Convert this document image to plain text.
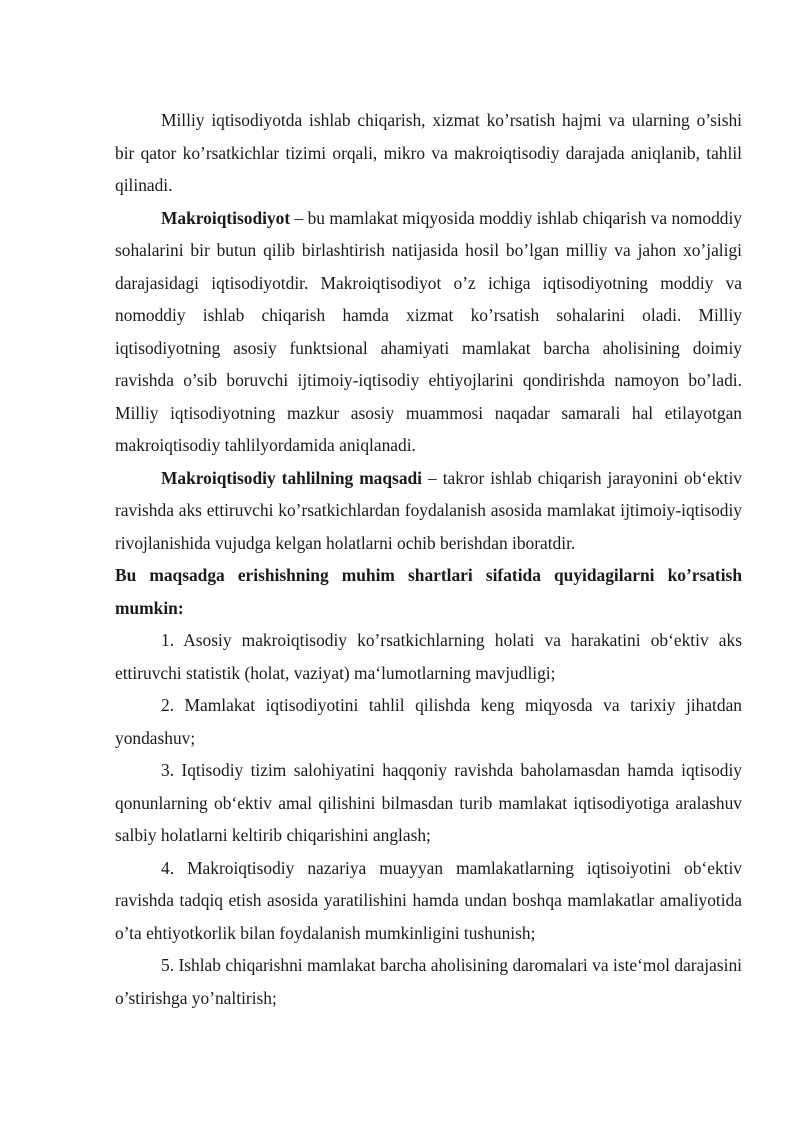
Milliy iqtisodiyotda ishlab chiqarish, xizmat ko’rsatish hajmi va ularning o’sishi bir qator ko’rsatkichlar tizimi orqali, mikro va makroiqtisodiy darajada aniqlanib, tahlil qilinadi.

Makroiqtisodiyot – bu mamlakat miqyosida moddiy ishlab chiqarish va nomoddiy sohalarini bir butun qilib birlashtirish natijasida hosil bo’lgan milliy va jahon xo’jaligi darajasidagi iqtisodiyotdir. Makroiqtisodiyot o’z ichiga iqtisodiyotning moddiy va nomoddiy ishlab chiqarish hamda xizmat ko’rsatish sohalarini oladi. Milliy iqtisodiyotning asosiy funktsional ahamiyati mamlakat barcha aholisining doimiy ravishda o’sib boruvchi ijtimoiy-iqtisodiy ehtiyojlarini qondirishda namoyon bo’ladi. Milliy iqtisodiyotning mazkur asosiy muammosi naqadar samarali hal etilayotgan makroiqtisodiy tahlilyordamida aniqlanadi.

Makroiqtisodiy tahlilning maqsadi – takror ishlab chiqarish jarayonini ob‘ektiv ravishda aks ettiruvchi ko’rsatkichlardan foydalanish asosida mamlakat ijtimoiy-iqtisodiy rivojlanishida vujudga kelgan holatlarni ochib berishdan iboratdir.

Bu maqsadga erishishning muhim shartlari sifatida quyidagilarni ko’rsatish mumkin:

1. Asosiy makroiqtisodiy ko’rsatkichlarning holati va harakatini ob‘ektiv aks ettiruvchi statistik (holat, vaziyat) ma‘lumotlarning mavjudligi;

2. Mamlakat iqtisodiyotini tahlil qilishda keng miqyosda va tarixiy jihatdan yondashuv;

3. Iqtisodiy tizim salohiyatini haqqoniy ravishda baholamasdan hamda iqtisodiy qonunlarning ob‘ektiv amal qilishini bilmasdan turib mamlakat iqtisodiyotiga aralashuv salbiy holatlarni keltirib chiqarishini anglash;

4. Makroiqtisodiy nazariya muayyan mamlakatlarning iqtisoiyotini ob‘ektiv ravishda tadqiq etish asosida yaratilishini hamda undan boshqa mamlakatlar amaliyotida o’ta ehtiyotkorlik bilan foydalanish mumkinligini tushunish;

5. Ishlab chiqarishni mamlakat barcha aholisining daromalari va iste‘mol darajasini o’stirishga yo’naltirish;
